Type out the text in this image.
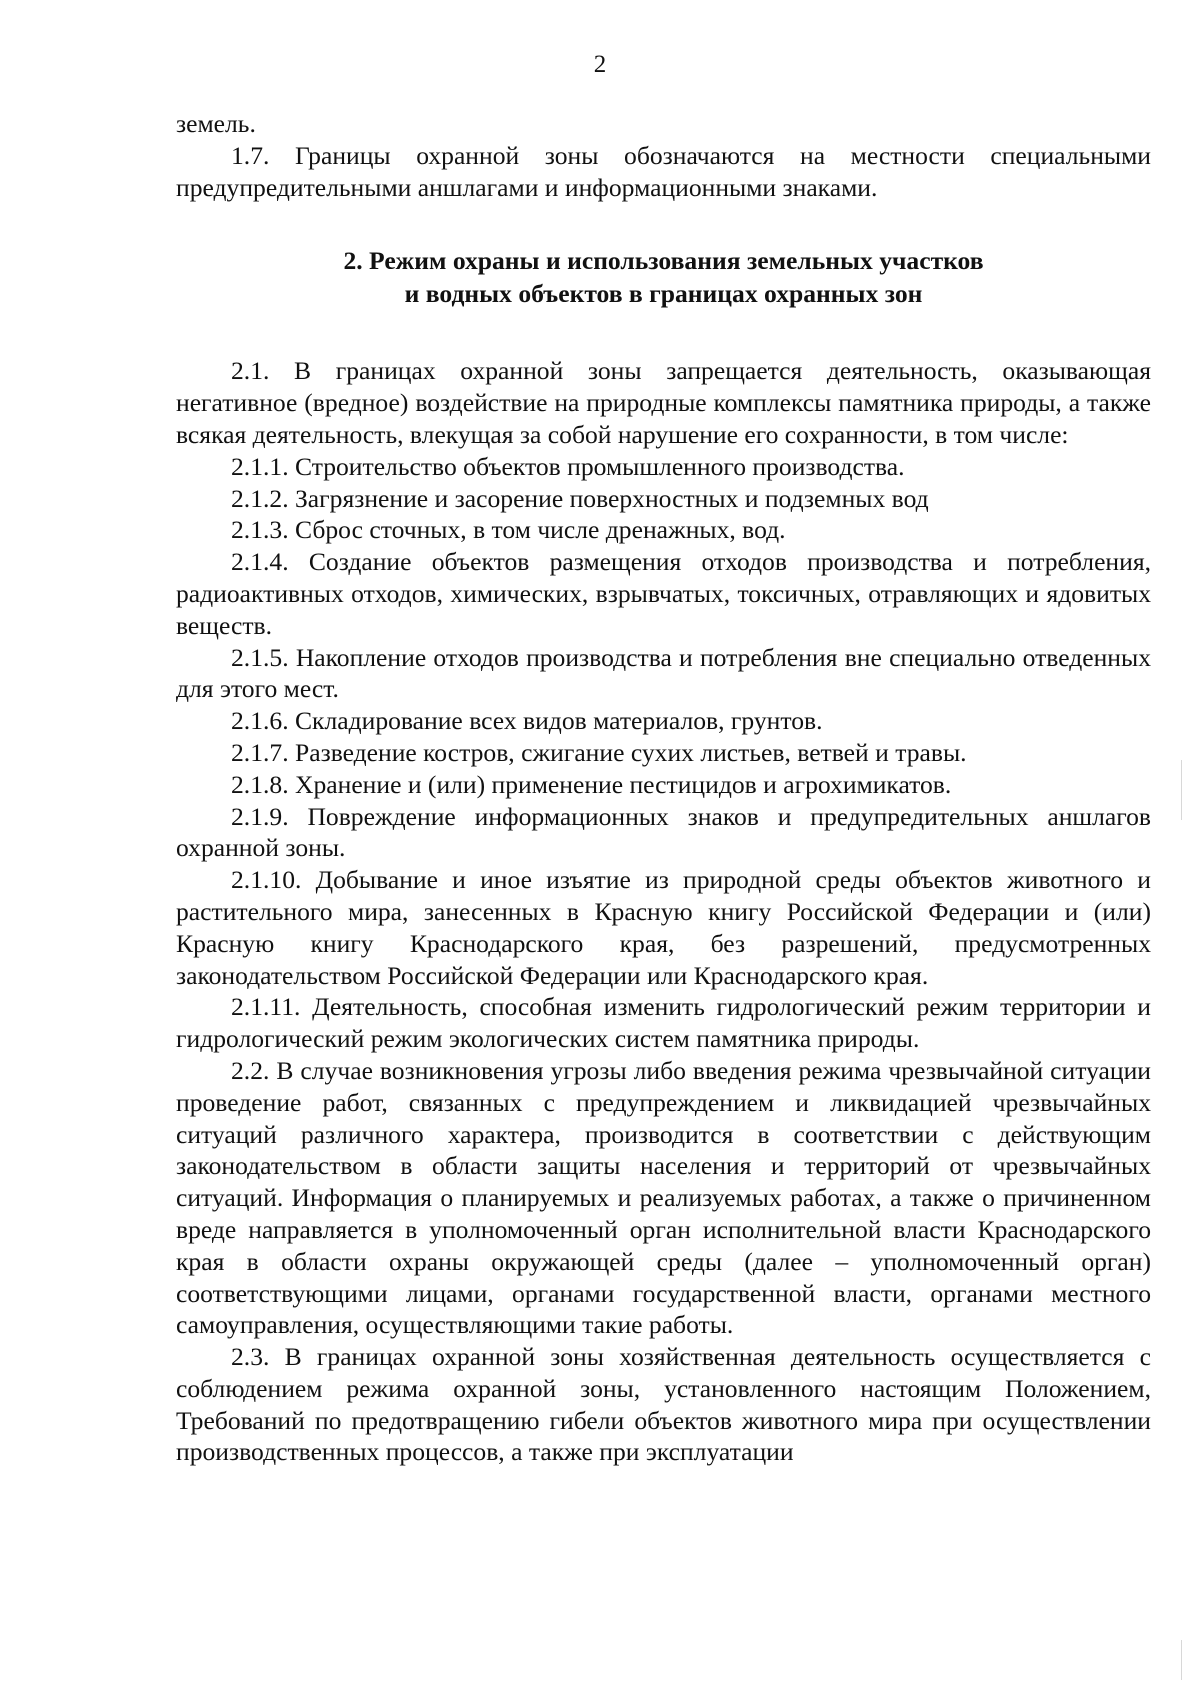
2

земель.

1.7. Границы охранной зоны обозначаются на местности специальными предупредительными аншлагами и информационными знаками.

2. Режим охраны и использования земельных участков
и водных объектов в границах охранных зон

2.1. В границах охранной зоны запрещается деятельность, оказывающая негативное (вредное) воздействие на природные комплексы памятника природы, а также всякая деятельность, влекущая за собой нарушение его сохранности, в том числе:

2.1.1. Строительство объектов промышленного производства.

2.1.2. Загрязнение и засорение поверхностных и подземных вод

2.1.3. Сброс сточных, в том числе дренажных, вод.

2.1.4. Создание объектов размещения отходов производства и потребления, радиоактивных отходов, химических, взрывчатых, токсичных, отравляющих и ядовитых веществ.

2.1.5. Накопление отходов производства и потребления вне специально отведенных для этого мест.

2.1.6. Складирование всех видов материалов, грунтов.

2.1.7. Разведение костров, сжигание сухих листьев, ветвей и травы.

2.1.8. Хранение и (или) применение пестицидов и агрохимикатов.

2.1.9. Повреждение информационных знаков и предупредительных аншлагов охранной зоны.

2.1.10. Добывание и иное изъятие из природной среды объектов животного и растительного мира, занесенных в Красную книгу Российской Федерации и (или) Красную книгу Краснодарского края, без разрешений, предусмотренных законодательством Российской Федерации или Краснодарского края.

2.1.11. Деятельность, способная изменить гидрологический режим территории и гидрологический режим экологических систем памятника природы.

2.2. В случае возникновения угрозы либо введения режима чрезвычайной ситуации проведение работ, связанных с предупреждением и ликвидацией чрезвычайных ситуаций различного характера, производится в соответствии с действующим законодательством в области защиты населения и территорий от чрезвычайных ситуаций. Информация о планируемых и реализуемых работах, а также о причиненном вреде направляется в уполномоченный орган исполнительной власти Краснодарского края в области охраны окружающей среды (далее – уполномоченный орган) соответствующими лицами, органами государственной власти, органами местного самоуправления, осуществляющими такие работы.

2.3. В границах охранной зоны хозяйственная деятельность осуществляется с соблюдением режима охранной зоны, установленного настоящим Положением, Требований по предотвращению гибели объектов животного мира при осуществлении производственных процессов, а также при эксплуатации
